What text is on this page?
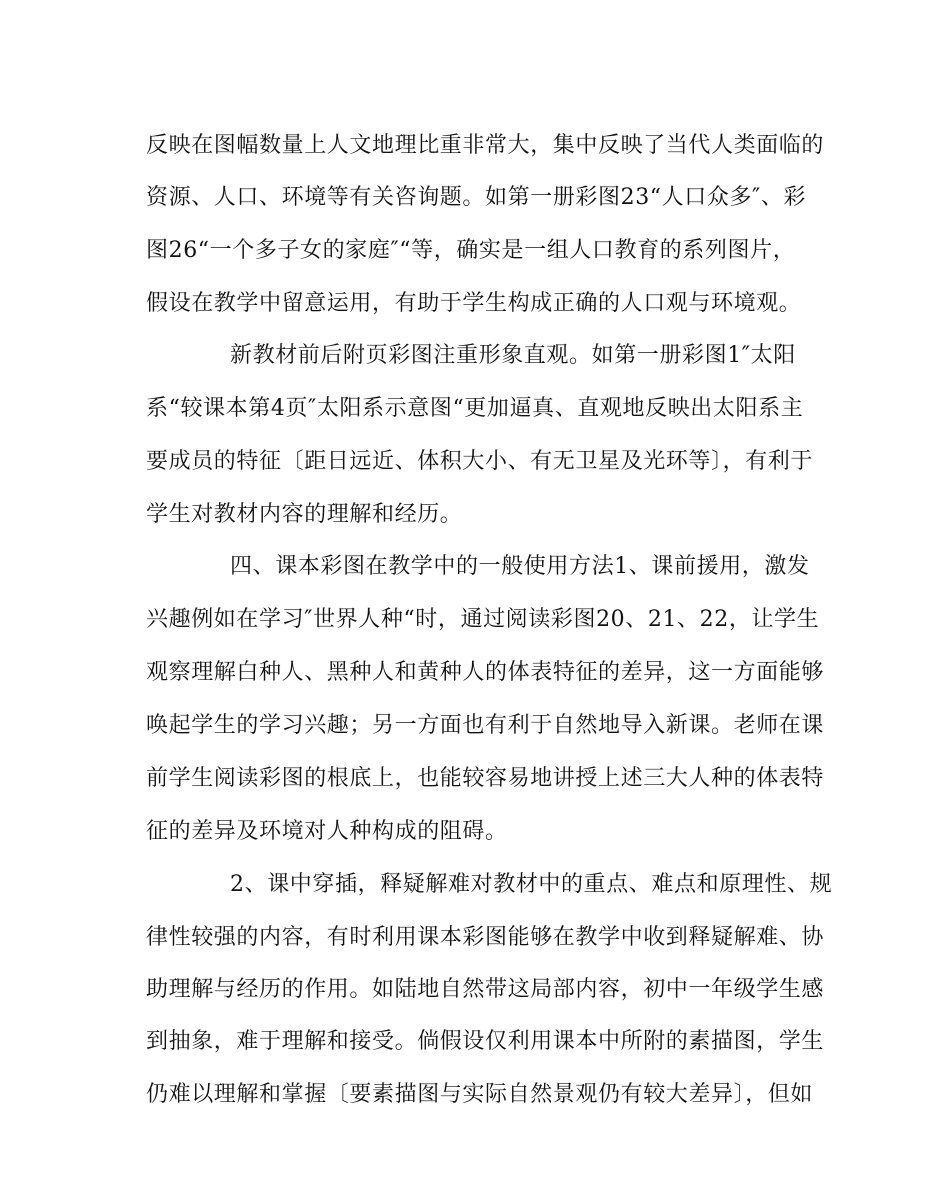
反映在图幅数量上人文地理比重非常大，集中反映了当代人类面临的
资源、人口、环境等有关咨询题。如第一册彩图23“人口众多″、彩
图26“一个多子女的家庭″“等，确实是一组人口教育的系列图片，
假设在教学中留意运用，有助于学生构成正确的人口观与环境观。
新教材前后附页彩图注重形象直观。如第一册彩图1″太阳
系“较课本第4页″太阳系示意图“更加逼真、直观地反映出太阳系主
要成员的特征〔距日远近、体积大小、有无卫星及光环等〕，有利于
学生对教材内容的理解和经历。
四、课本彩图在教学中的一般使用方法1、课前援用，激发
兴趣例如在学习″世界人种“时，通过阅读彩图20、21、22，让学生
观察理解白种人、黑种人和黄种人的体表特征的差异，这一方面能够
唤起学生的学习兴趣；另一方面也有利于自然地导入新课。老师在课
前学生阅读彩图的根底上，也能较容易地讲授上述三大人种的体表特
征的差异及环境对人种构成的阻碍。
2、课中穿插，释疑解难对教材中的重点、难点和原理性、规
律性较强的内容，有时利用课本彩图能够在教学中收到释疑解难、协
助理解与经历的作用。如陆地自然带这局部内容，初中一年级学生感
到抽象，难于理解和接受。倘假设仅利用课本中所附的素描图，学生
仍难以理解和掌握〔要素描图与实际自然景观仍有较大差异〕，但如
